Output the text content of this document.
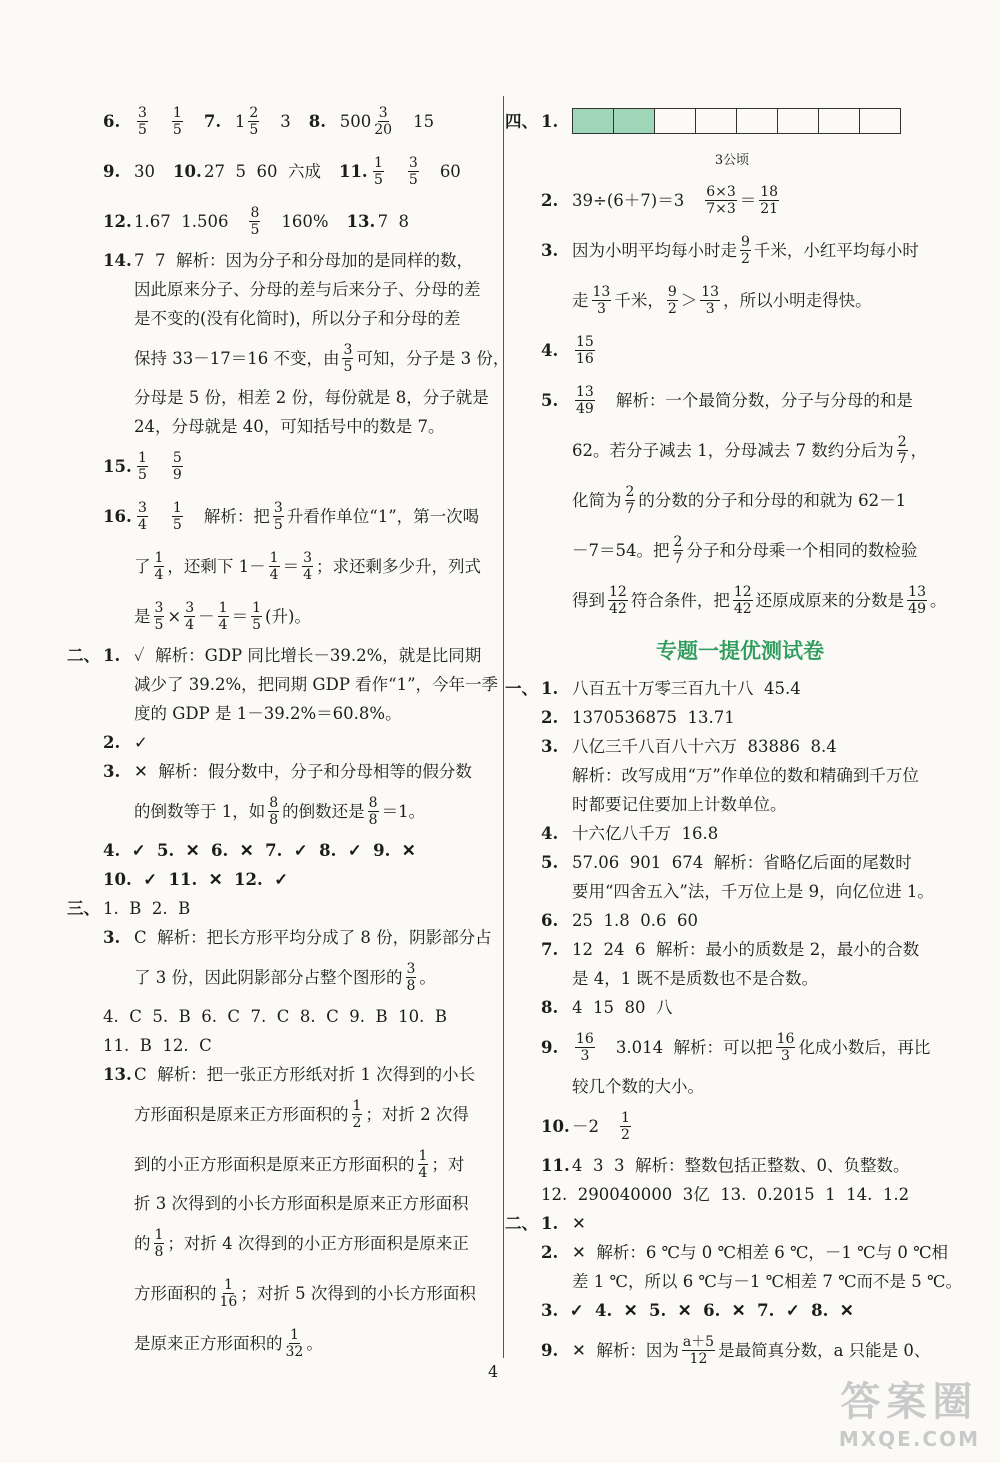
6.	$\frac{3}{5} \frac{1}{5} 7$. $1 \frac{2}{5} 3$ 8. $500 \frac{3}{20} 15$
9. 30 10. 27  5  60  六成 11. $\frac{1}{5} \frac{3}{5} 60$
12. 1.67  $1.506 \frac{8}{5} 160\%$ 13. 7  8
14. 7  7  解析：因为分子和分母加的是同样的数，
因此原来分子、分母的差与后来分子、分母的差
是不变的(没有化简时)，所以分子和分母的差
保持 33－17＝16 不变，由 $\frac{3}{5}$ 可知，分子是 3 份，
分母是 5 份，相差 2 份，每份就是 8，分子就是
24，分母就是 40，可知括号中的数是 7。
15. $\frac{1}{5} \frac{5}{9}$
16. $\frac{3}{4} \frac{1}{5}$ 解析：把 $\frac{3}{5}$ 升看作单位“1”，第一次喝
了 $\frac{1}{4}$ ，还剩下 $1- \frac{1}{4} = \frac{3}{4}$ ；求还剩多少升，列式
是 $\frac{3}{5} \times \frac{3}{4} - \frac{1}{4} = \frac{1}{5}$ (升)。
二、 1. ✓  解析：GDP 同比增长－39.2%，就是比同期
减少了 39.2%，把同期 GDP 看作“1”，今年一季
度的 GDP 是 1－39.2%＝60.8%。
2. ✓
3. ✕  解析：假分数中，分子和分母相等的假分数
的倒数等于 1，如 $\frac{8}{8}$ 的倒数还是 $\frac{8}{8} =1$。
4.  ✓  5.  ✕  6.  ✕  7.  ✓  8.  ✓  9.  ✕
10.  ✓  11.  ✕  12.  ✓
三、 1.  B  2.  B
3. C  解析：把长方形平均分成了 8 份，阴影部分占
了 3 份，因此阴影部分占整个图形的 $\frac{3}{8}$ 。
4.  C  5.  B  6.  C  7.  C  8.  C  9.  B  10.  B
11.  B  12.  C
13. C  解析：把一张正方形纸对折 1 次得到的小长
方形面积是原来正方形面积的 $\frac{1}{2}$ ；对折 2 次得
到的小正方形面积是原来正方形面积的 $\frac{1}{4}$ ；对
折 3 次得到的小长方形面积是原来正方形面积
的 $\frac{1}{8}$ ；对折 4 次得到的小正方形面积是原来正
方形面积的 $\frac{1}{16}$ ；对折 5 次得到的小长方形面积
是原来正方形面积的 $\frac{1}{32}$ 。
四、 1.
3公顷
2. $39\div(6+7)=3 \frac{6\times 3}{7\times 3} = \frac{18}{21}$
3. 因为小明平均每小时走 $\frac{9}{2}$ 千米，小红平均每小时
走 $\frac{13}{3}$ 千米， $\frac{9}{2} > \frac{13}{3}$ ，所以小明走得快。
4.	$\frac{15}{16}$
5.	$\frac{13}{49}$ 解析：一个最简分数，分子与分母的和是
62。若分子减去 1，分母减去 7 数约分后为 $\frac{2}{7}$ ，
化简为 $\frac{2}{7}$ 的分数的分子和分母的和就为 62－1
－7＝54。把 $\frac{2}{7}$ 分子和分母乘一个相同的数检验
得到 $\frac{12}{42}$ 符合条件，把 $\frac{12}{42}$ 还原成原来的分数是 $\frac{13}{49}$ 。
专题一提优测试卷
一、 1. 八百五十万零三百九十八  45.4
2. 1370536875  13.71
3. 八亿三千八百八十六万  83886  8.4
解析：改写成用“万”作单位的数和精确到千万位
时都要记住要加上计数单位。
4. 十六亿八千万  16.8
5. 57.06  901  674  解析：省略亿后面的尾数时
要用“四舍五入”法，千万位上是 9，向亿位进 1。
6. 25  1.8  0.6  60
7. 12  24  6  解析：最小的质数是 2，最小的合数
是 4，1 既不是质数也不是合数。
8. 4  15  80  八
9.	$\frac{16}{3} 3.014$  解析：可以把 $\frac{16}{3}$ 化成小数后，再比
较几个数的大小。
10. $-2 \frac{1}{2}$
11. 4  3  3  解析：整数包括正整数、0、负整数。
12.  290040000  3亿  13.  0.2015  1  14.  1.2
二、 1. ✕
2. ✕  解析：6 ℃与 0 ℃相差 6 ℃，－1 ℃与 0 ℃相
差 1 ℃，所以 6 ℃与－1 ℃相差 7 ℃而不是 5 ℃。
3.  ✓  4.  ✕  5.  ✕  6.  ✕  7.  ✓  8.  ✕
9. ✕  解析：因为 $\frac{a+5}{12}$ 是最简真分数，a 只能是 0、
4
答案圈
MXQE.COM
